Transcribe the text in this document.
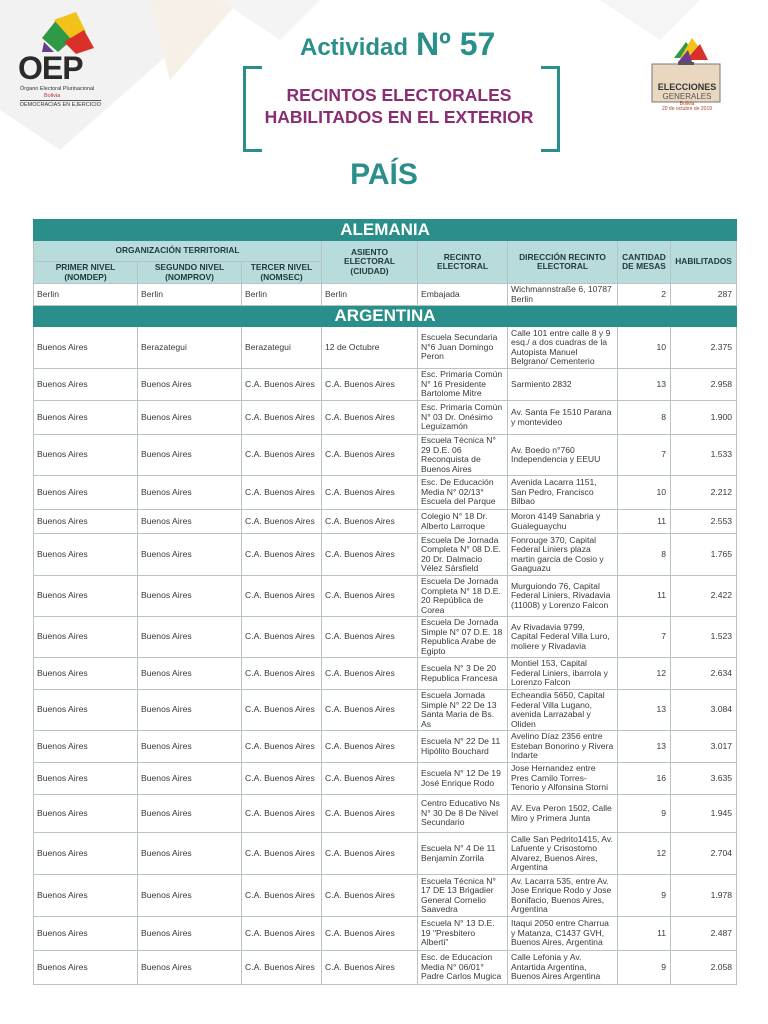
OEP
Órgano Electoral Plurinacional
Bolivia
DEMOCRACIAS EN EJERCICIO
ELECCIONES
GENERALES
Bolivia
20 de octubre de 2019
Actividad Nº 57
RECINTOS ELECTORALES
HABILITADOS EN EL EXTERIOR
PAÍS
ALEMANIA							
ORGANIZACIÓN TERRITORIAL			ASIENTO ELECTORAL (CIUDAD)	RECINTO ELECTORAL	DIRECCIÓN RECINTO ELECTORAL	CANTIDAD DE MESAS	HABILITADOS
PRIMER NIVEL (NOMDEP)	SEGUNDO NIVEL (NOMPROV)	TERCER NIVEL (NOMSEC)					
Berlin	Berlin	Berlin	Berlin	Embajada	Wichmannstraße 6, 10787 Berlin	2	287
ARGENTINA							
Buenos Aires	Berazategui	Berazategui	12 de Octubre	Escuela Secundaria N°6 Juan Domingo Peron	Calle 101 entre calle 8 y 9 esq./ a dos cuadras de la Autopista Manuel Belgrano/ Cementerio	10	2.375
Buenos Aires	Buenos Aires	C.A. Buenos Aires	C.A. Buenos Aires	Esc. Primaria Común N° 16 Presidente Bartolome Mitre	Sarmiento 2832	13	2.958
Buenos Aires	Buenos Aires	C.A. Buenos Aires	C.A. Buenos Aires	Esc. Primaria Común N° 03 Dr. Onésimo Leguizamón	Av. Santa Fe 1510 Parana y montevideo	8	1.900
Buenos Aires	Buenos Aires	C.A. Buenos Aires	C.A. Buenos Aires	Escuela Técnica N° 29 D.E. 06 Reconquista de Buenos Aires	Av. Boedo n°760 Independencia y EEUU	7	1.533
Buenos Aires	Buenos Aires	C.A. Buenos Aires	C.A. Buenos Aires	Esc. De Educación Media N° 02/13° Escuela del Parque	Avenida Lacarra 1151, San Pedro, Francisco Bilbao	10	2.212
Buenos Aires	Buenos Aires	C.A. Buenos Aires	C.A. Buenos Aires	Colegio N° 18 Dr. Alberto Larroque	Moron 4149 Sanabria y Gualeguaychu	11	2.553
Buenos Aires	Buenos Aires	C.A. Buenos Aires	C.A. Buenos Aires	Escuela De Jornada Completa N° 08 D.E. 20 Dr. Dalmacio Vélez Sársfield	Fonrouge 370, Capital Federal Liniers plaza martin garcia de Cosio y Gaaguazu	8	1.765
Buenos Aires	Buenos Aires	C.A. Buenos Aires	C.A. Buenos Aires	Escuela De Jornada Completa N° 18 D.E. 20 República de Corea	Murguiondo 76, Capital Federal Liniers, Rivadavia (11008) y Lorenzo Falcon	11	2.422
Buenos Aires	Buenos Aires	C.A. Buenos Aires	C.A. Buenos Aires	Escuela De Jornada Simple N° 07 D.E. 18 Republica Arabe de Egipto	Av Rivadavia 9799, Capital Federal Villa Luro, moliere y Rivadavia	7	1.523
Buenos Aires	Buenos Aires	C.A. Buenos Aires	C.A. Buenos Aires	Escuela N° 3 De 20 Republica Francesa	Montiel 153, Capital Federal Liniers, ibarrola y Lorenzo Falcon	12	2.634
Buenos Aires	Buenos Aires	C.A. Buenos Aires	C.A. Buenos Aires	Escuela Jornada Simple N° 22 De 13 Santa Maria de Bs. As	Echeandia 5650, Capital Federal Villa Lugano, avenida Larrazabal y Oliden	13	3.084
Buenos Aires	Buenos Aires	C.A. Buenos Aires	C.A. Buenos Aires	Escuela N° 22 De 11 Hipólito Bouchard	Avelino Díaz 2356 entre Esteban Bonorino y Rivera Indarte	13	3.017
Buenos Aires	Buenos Aires	C.A. Buenos Aires	C.A. Buenos Aires	Escuela N° 12 De 19 José Enrique Rodo	Jose Hernandez entre Pres Camilo Torres-Tenorio y Alfonsina Storni	16	3.635
Buenos Aires	Buenos Aires	C.A. Buenos Aires	C.A. Buenos Aires	Centro Educativo Ns N° 30 De 8 De Nivel Secundario	AV. Eva Peron 1502, Calle Miro y Primera Junta	9	1.945
Buenos Aires	Buenos Aires	C.A. Buenos Aires	C.A. Buenos Aires	Escuela N° 4 De 11 Benjamín Zorrila	Calle San Pedrito1415, Av. Lafuente y Crisostomo Alvarez, Buenos Aires, Argentina	12	2.704
Buenos Aires	Buenos Aires	C.A. Buenos Aires	C.A. Buenos Aires	Escuela Técnica N° 17 DE 13 Brigadier General Cornelio Saavedra	Av. Lacarra 535, entre Av. Jose Enrique Rodo y Jose Bonifacio, Buenos Aires, Argentina	9	1.978
Buenos Aires	Buenos Aires	C.A. Buenos Aires	C.A. Buenos Aires	Escuela N° 13 D.E. 19 "Presbitero Alberti"	Itaqui 2050 entre Charrua y Matanza, C1437 GVH, Buenos Aires, Argentina	11	2.487
Buenos Aires	Buenos Aires	C.A. Buenos Aires	C.A. Buenos Aires	Esc. de Educacion Media N° 06/01° Padre Carlos Mugica	Calle Lefonia y Av. Antartida Argentina, Buenos Aires Argentina	9	2.058
